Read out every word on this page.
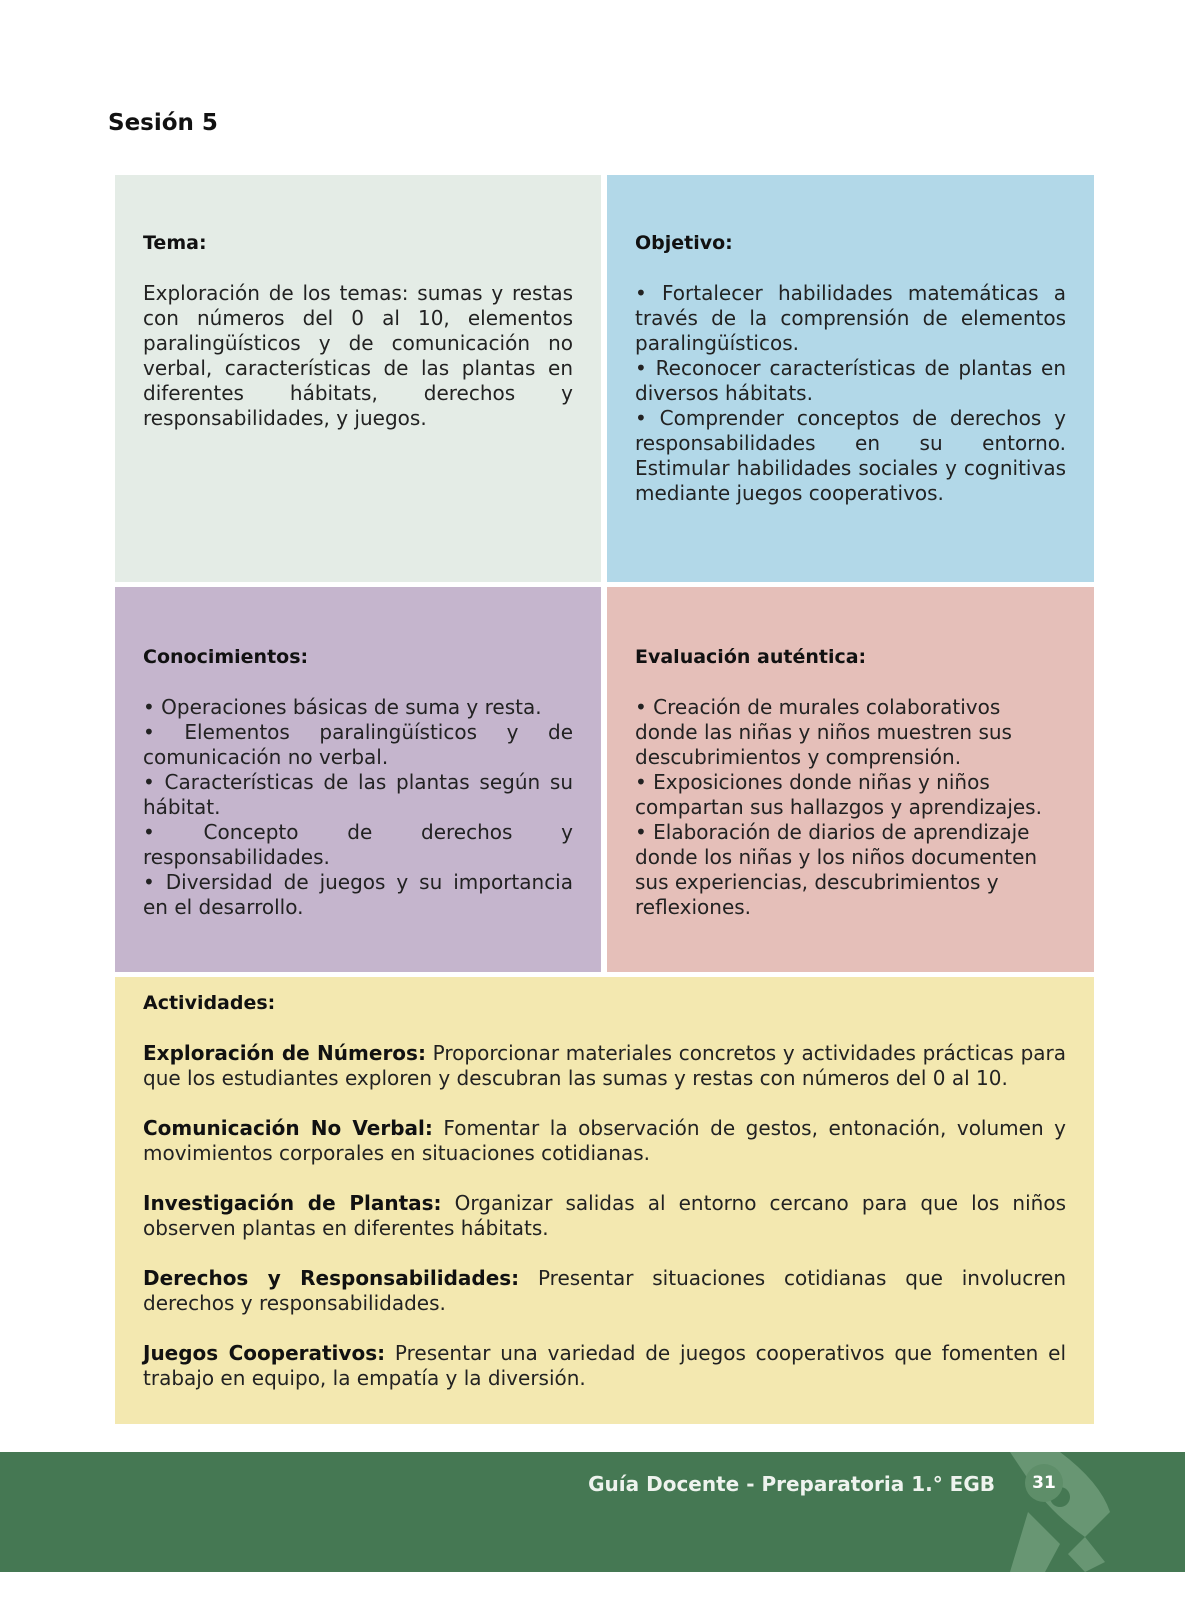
Sesión 5
Tema:

Exploración de los temas: sumas y restas con números del 0 al 10, elementos paralingüísticos y de comunicación no verbal, características de las plantas en diferentes hábitats, derechos y responsabilidades, y juegos.

Objetivo:
• Fortalecer habilidades matemáticas a través de la comprensión de elementos paralingüísticos.
• Reconocer características de plantas en diversos hábitats.
• Comprender conceptos de derechos y responsabilidades en su entorno. Estimular habilidades sociales y cognitivas mediante juegos cooperativos.
Conocimientos:
• Operaciones básicas de suma y resta.
• Elementos paralingüísticos y de comunicación no verbal.
• Características de las plantas según su hábitat.
• Concepto de derechos y responsabilidades.
• Diversidad de juegos y su importancia en el desarrollo.
Evaluación auténtica:
• Creación de murales colaborativos donde las niñas y niños muestren sus descubrimientos y comprensión.
• Exposiciones donde niñas y niños compartan sus hallazgos y aprendizajes.
• Elaboración de diarios de aprendizaje donde los niñas y los niños documenten sus experiencias, descubrimientos y reflexiones.
Actividades:

Exploración de Números: Proporcionar materiales concretos y actividades prácticas para que los estudiantes exploren y descubran las sumas y restas con números del 0 al 10.

Comunicación No Verbal: Fomentar la observación de gestos, entonación, volumen y movimientos corporales en situaciones cotidianas.

Investigación de Plantas: Organizar salidas al entorno cercano para que los niños observen plantas en diferentes hábitats.

Derechos y Responsabilidades: Presentar situaciones cotidianas que involucren derechos y responsabilidades.

Juegos Cooperativos: Presentar una variedad de juegos cooperativos que fomenten el trabajo en equipo, la empatía y la diversión.

Guía Docente - Preparatoria 1.° EGB	31
